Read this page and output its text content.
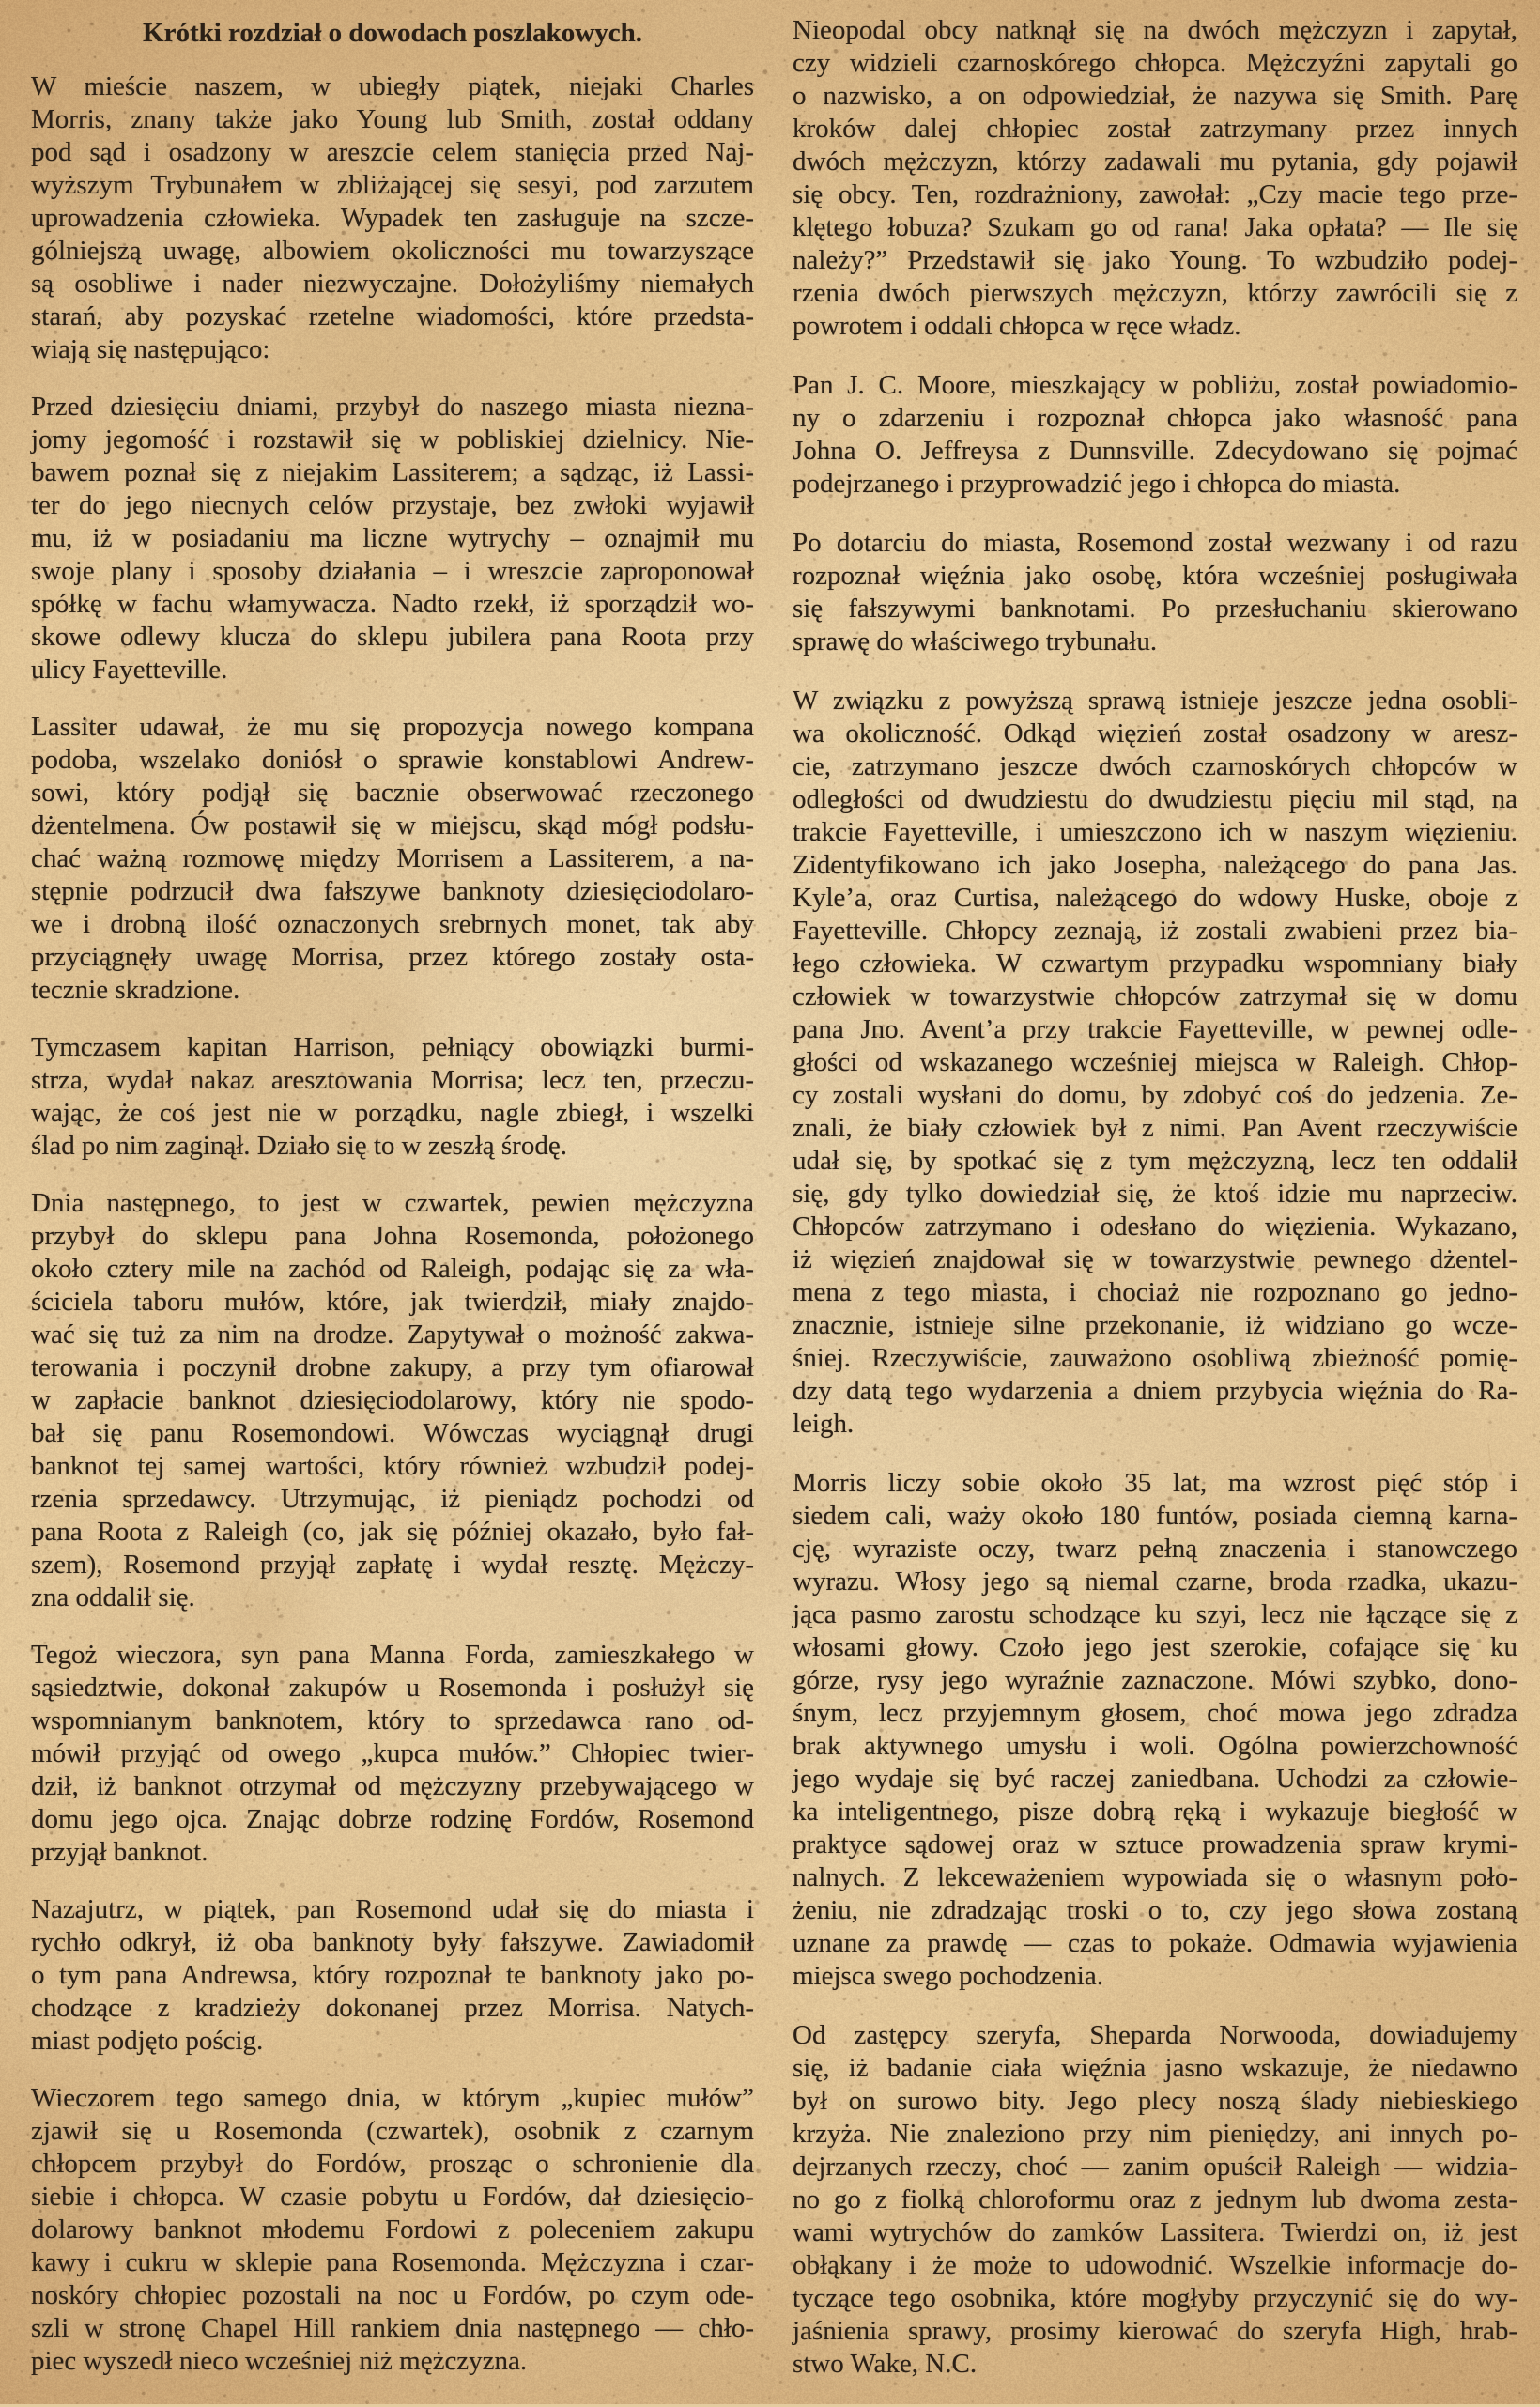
Krótki rozdział o dowodach poszlakowych.
W mieście naszem, w ubiegły piątek, niejaki Charles
Morris, znany także jako Young lub Smith, został oddany
pod sąd i osadzony w areszcie celem stanięcia przed Naj-
wyższym Trybunałem w zbliżającej się sesyi, pod zarzutem
uprowadzenia człowieka. Wypadek ten zasługuje na szcze-
gólniejszą uwagę, albowiem okoliczności mu towarzyszące
są osobliwe i nader niezwyczajne. Dołożyliśmy niemałych
starań, aby pozyskać rzetelne wiadomości, które przedsta-
wiają się następująco:
Przed dziesięciu dniami, przybył do naszego miasta niezna-
jomy jegomość i rozstawił się w pobliskiej dzielnicy. Nie-
bawem poznał się z niejakim Lassiterem; a sądząc, iż Lassi-
ter do jego niecnych celów przystaje, bez zwłoki wyjawił
mu, iż w posiadaniu ma liczne wytrychy – oznajmił mu
swoje plany i sposoby działania – i wreszcie zaproponował
spółkę w fachu włamywacza. Nadto rzekł, iż sporządził wo-
skowe odlewy klucza do sklepu jubilera pana Roota przy
ulicy Fayetteville.
Lassiter udawał, że mu się propozycja nowego kompana
podoba, wszelako doniósł o sprawie konstablowi Andrew-
sowi, który podjął się bacznie obserwować rzeczonego
dżentelmena. Ów postawił się w miejscu, skąd mógł podsłu-
chać ważną rozmowę między Morrisem a Lassiterem, a na-
stępnie podrzucił dwa fałszywe banknoty dziesięciodolaro-
we i drobną ilość oznaczonych srebrnych monet, tak aby
przyciągnęły uwagę Morrisa, przez którego zostały osta-
tecznie skradzione.
Tymczasem kapitan Harrison, pełniący obowiązki burmi-
strza, wydał nakaz aresztowania Morrisa; lecz ten, przeczu-
wając, że coś jest nie w porządku, nagle zbiegł, i wszelki
ślad po nim zaginął. Działo się to w zeszłą środę.
Dnia następnego, to jest w czwartek, pewien mężczyzna
przybył do sklepu pana Johna Rosemonda, położonego
około cztery mile na zachód od Raleigh, podając się za wła-
ściciela taboru mułów, które, jak twierdził, miały znajdo-
wać się tuż za nim na drodze. Zapytywał o możność zakwa-
terowania i poczynił drobne zakupy, a przy tym ofiarował
w zapłacie banknot dziesięciodolarowy, który nie spodo-
bał się panu Rosemondowi. Wówczas wyciągnął drugi
banknot tej samej wartości, który również wzbudził podej-
rzenia sprzedawcy. Utrzymując, iż pieniądz pochodzi od
pana Roota z Raleigh (co, jak się później okazało, było fał-
szem), Rosemond przyjął zapłatę i wydał resztę. Mężczy-
zna oddalił się.
Tegoż wieczora, syn pana Manna Forda, zamieszkałego w
sąsiedztwie, dokonał zakupów u Rosemonda i posłużył się
wspomnianym banknotem, który to sprzedawca rano od-
mówił przyjąć od owego „kupca mułów.” Chłopiec twier-
dził, iż banknot otrzymał od mężczyzny przebywającego w
domu jego ojca. Znając dobrze rodzinę Fordów, Rosemond
przyjął banknot.
Nazajutrz, w piątek, pan Rosemond udał się do miasta i
rychło odkrył, iż oba banknoty były fałszywe. Zawiadomił
o tym pana Andrewsa, który rozpoznał te banknoty jako po-
chodzące z kradzieży dokonanej przez Morrisa. Natych-
miast podjęto pościg.
Wieczorem tego samego dnia, w którym „kupiec mułów”
zjawił się u Rosemonda (czwartek), osobnik z czarnym
chłopcem przybył do Fordów, prosząc o schronienie dla
siebie i chłopca. W czasie pobytu u Fordów, dał dziesięcio-
dolarowy banknot młodemu Fordowi z poleceniem zakupu
kawy i cukru w sklepie pana Rosemonda. Mężczyzna i czar-
noskóry chłopiec pozostali na noc u Fordów, po czym ode-
szli w stronę Chapel Hill rankiem dnia następnego — chło-
piec wyszedł nieco wcześniej niż mężczyzna.
Nieopodal obcy natknął się na dwóch mężczyzn i zapytał,
czy widzieli czarnoskórego chłopca. Mężczyźni zapytali go
o nazwisko, a on odpowiedział, że nazywa się Smith. Parę
kroków dalej chłopiec został zatrzymany przez innych
dwóch mężczyzn, którzy zadawali mu pytania, gdy pojawił
się obcy. Ten, rozdrażniony, zawołał: „Czy macie tego prze-
klętego łobuza? Szukam go od rana! Jaka opłata? — Ile się
należy?” Przedstawił się jako Young. To wzbudziło podej-
rzenia dwóch pierwszych mężczyzn, którzy zawrócili się z
powrotem i oddali chłopca w ręce władz.
Pan J. C. Moore, mieszkający w pobliżu, został powiadomio-
ny o zdarzeniu i rozpoznał chłopca jako własność pana
Johna O. Jeffreysa z Dunnsville. Zdecydowano się pojmać
podejrzanego i przyprowadzić jego i chłopca do miasta.
Po dotarciu do miasta, Rosemond został wezwany i od razu
rozpoznał więźnia jako osobę, która wcześniej posługiwała
się fałszywymi banknotami. Po przesłuchaniu skierowano
sprawę do właściwego trybunału.
W związku z powyższą sprawą istnieje jeszcze jedna osobli-
wa okoliczność. Odkąd więzień został osadzony w aresz-
cie, zatrzymano jeszcze dwóch czarnoskórych chłopców w
odległości od dwudziestu do dwudziestu pięciu mil stąd, na
trakcie Fayetteville, i umieszczono ich w naszym więzieniu.
Zidentyfikowano ich jako Josepha, należącego do pana Jas.
Kyle’a, oraz Curtisa, należącego do wdowy Huske, oboje z
Fayetteville. Chłopcy zeznają, iż zostali zwabieni przez bia-
łego człowieka. W czwartym przypadku wspomniany biały
człowiek w towarzystwie chłopców zatrzymał się w domu
pana Jno. Avent’a przy trakcie Fayetteville, w pewnej odle-
głości od wskazanego wcześniej miejsca w Raleigh. Chłop-
cy zostali wysłani do domu, by zdobyć coś do jedzenia. Ze-
znali, że biały człowiek był z nimi. Pan Avent rzeczywiście
udał się, by spotkać się z tym mężczyzną, lecz ten oddalił
się, gdy tylko dowiedział się, że ktoś idzie mu naprzeciw.
Chłopców zatrzymano i odesłano do więzienia. Wykazano,
iż więzień znajdował się w towarzystwie pewnego dżentel-
mena z tego miasta, i chociaż nie rozpoznano go jedno-
znacznie, istnieje silne przekonanie, iż widziano go wcze-
śniej. Rzeczywiście, zauważono osobliwą zbieżność pomię-
dzy datą tego wydarzenia a dniem przybycia więźnia do Ra-
leigh.
Morris liczy sobie około 35 lat, ma wzrost pięć stóp i
siedem cali, waży około 180 funtów, posiada ciemną karna-
cję, wyraziste oczy, twarz pełną znaczenia i stanowczego
wyrazu. Włosy jego są niemal czarne, broda rzadka, ukazu-
jąca pasmo zarostu schodzące ku szyi, lecz nie łączące się z
włosami głowy. Czoło jego jest szerokie, cofające się ku
górze, rysy jego wyraźnie zaznaczone. Mówi szybko, dono-
śnym, lecz przyjemnym głosem, choć mowa jego zdradza
brak aktywnego umysłu i woli. Ogólna powierzchowność
jego wydaje się być raczej zaniedbana. Uchodzi za człowie-
ka inteligentnego, pisze dobrą ręką i wykazuje biegłość w
praktyce sądowej oraz w sztuce prowadzenia spraw krymi-
nalnych. Z lekceważeniem wypowiada się o własnym poło-
żeniu, nie zdradzając troski o to, czy jego słowa zostaną
uznane za prawdę — czas to pokaże. Odmawia wyjawienia
miejsca swego pochodzenia.
Od zastępcy szeryfa, Sheparda Norwooda, dowiadujemy
się, iż badanie ciała więźnia jasno wskazuje, że niedawno
był on surowo bity. Jego plecy noszą ślady niebieskiego
krzyża. Nie znaleziono przy nim pieniędzy, ani innych po-
dejrzanych rzeczy, choć — zanim opuścił Raleigh — widzia-
no go z fiolką chloroformu oraz z jednym lub dwoma zesta-
wami wytrychów do zamków Lassitera. Twierdzi on, iż jest
obłąkany i że może to udowodnić. Wszelkie informacje do-
tyczące tego osobnika, które mogłyby przyczynić się do wy-
jaśnienia sprawy, prosimy kierować do szeryfa High, hrab-
stwo Wake, N.C.
